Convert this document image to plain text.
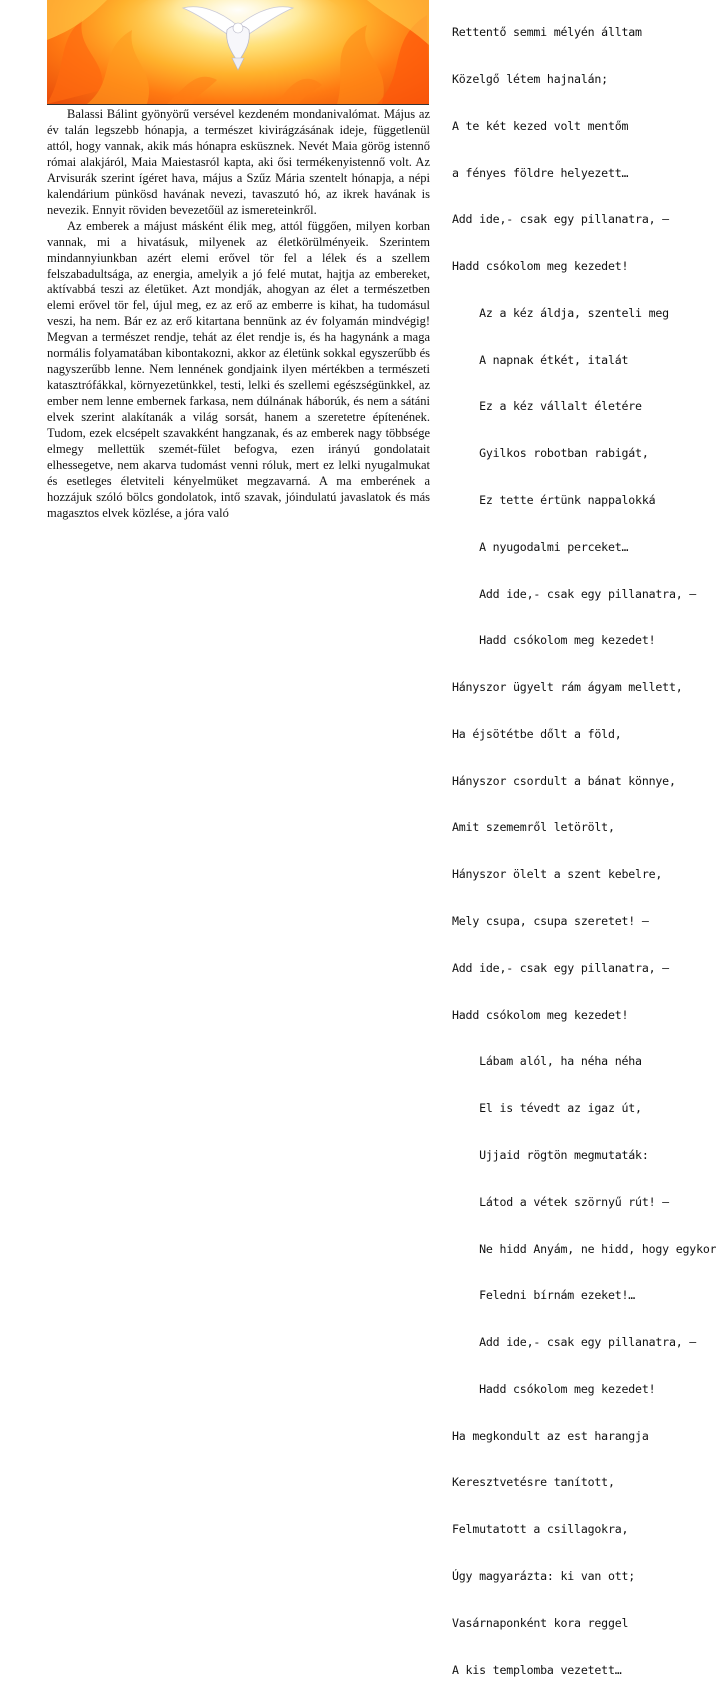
Balassi Bálint gyönyörű versével kezdeném mondanivalómat. Május az év talán legszebb hónapja, a természet kivirágzásának ideje, függetlenül attól, hogy vannak, akik más hónapra esküsznek. Nevét Maia görög istennő római alakjáról, Maia Maiestasról kapta, aki ősi termékenyistennő volt. Az Arvisurák szerint ígéret hava, május a Szűz Mária szentelt hónapja, a népi kalendárium pünkösd havának nevezi, tavaszutó hó, az ikrek havának is nevezik. Ennyit röviden bevezetőül az ismereteinkről.

Az emberek a májust másként élik meg, attól függően, milyen korban vannak, mi a hivatásuk, milyenek az életkörülményeik. Szerintem mindannyiunkban azért elemi erővel tör fel a lélek és a szellem felszabadultsága, az energia, amelyik a jó felé mutat, hajtja az embereket, aktívabbá teszi az életüket. Azt mondják, ahogyan az élet a természetben elemi erővel tör fel, újul meg, ez az erő az emberre is kihat, ha tudomásul veszi, ha nem. Bár ez az erő kitartana bennünk az év folyamán mindvégig! Megvan a természet rendje, tehát az élet rendje is, és ha hagynánk a maga normális folyamatában kibontakozni, akkor az életünk sokkal egyszerűbb és nagyszerűbb lenne. Nem lennének gondjaink ilyen mértékben a természeti katasztrófákkal, környezetünkkel, testi, lelki és szellemi egészségünkkel, az ember nem lenne embernek farkasa, nem dúlnának háborúk, és nem a sátáni elvek szerint alakítanák a világ sorsát, hanem a szeretetre építenének. Tudom, ezek elcsépelt szavakként hangzanak, és az emberek nagy többsége elmegy mellettük szemét-fület befogva, ezen irányú gondolatait elhessegetve, nem akarva tudomást venni róluk, mert ez lelki nyugalmukat és esetleges életviteli kényelmüket megzavarná. A ma emberének a hozzájuk szóló bölcs gondolatok, intő szavak, jóindulatú javaslatok és más magasztos elvek közlése, a jóra való

Rettentő semmi mélyén álltam

Közelgő létem hajnalán;

A te két kezed volt mentőm

a fényes földre helyezett…

Add ide,- csak egy pillanatra, –

Hadd csókolom meg kezedet!

Az a kéz áldja, szenteli meg

A napnak étkét, italát

Ez a kéz vállalt életére

Gyilkos robotban rabigát,

Ez tette értünk nappalokká

A nyugodalmi perceket…

Add ide,- csak egy pillanatra, –

Hadd csókolom meg kezedet!

Hányszor ügyelt rám ágyam mellett,

Ha éjsötétbe dőlt a föld,

Hányszor csordult a bánat könnye,

Amit szememről letörölt,

Hányszor ölelt a szent kebelre,

Mely csupa, csupa szeretet! –

Add ide,- csak egy pillanatra, –

Hadd csókolom meg kezedet!

Lábam alól, ha néha néha

El is tévedt az igaz út,

Ujjaid rögtön megmutaták:

Látod a vétek szörnyű rút! –

Ne hidd Anyám, ne hidd, hogy egykor

Feledni bírnám ezeket!…

Add ide,- csak egy pillanatra, –

Hadd csókolom meg kezedet!

Ha megkondult az est harangja

Keresztvetésre tanított,

Felmutatott a csillagokra,

Úgy magyarázta: ki van ott;

Vasárnaponként kora reggel

A kis templomba vezetett…
